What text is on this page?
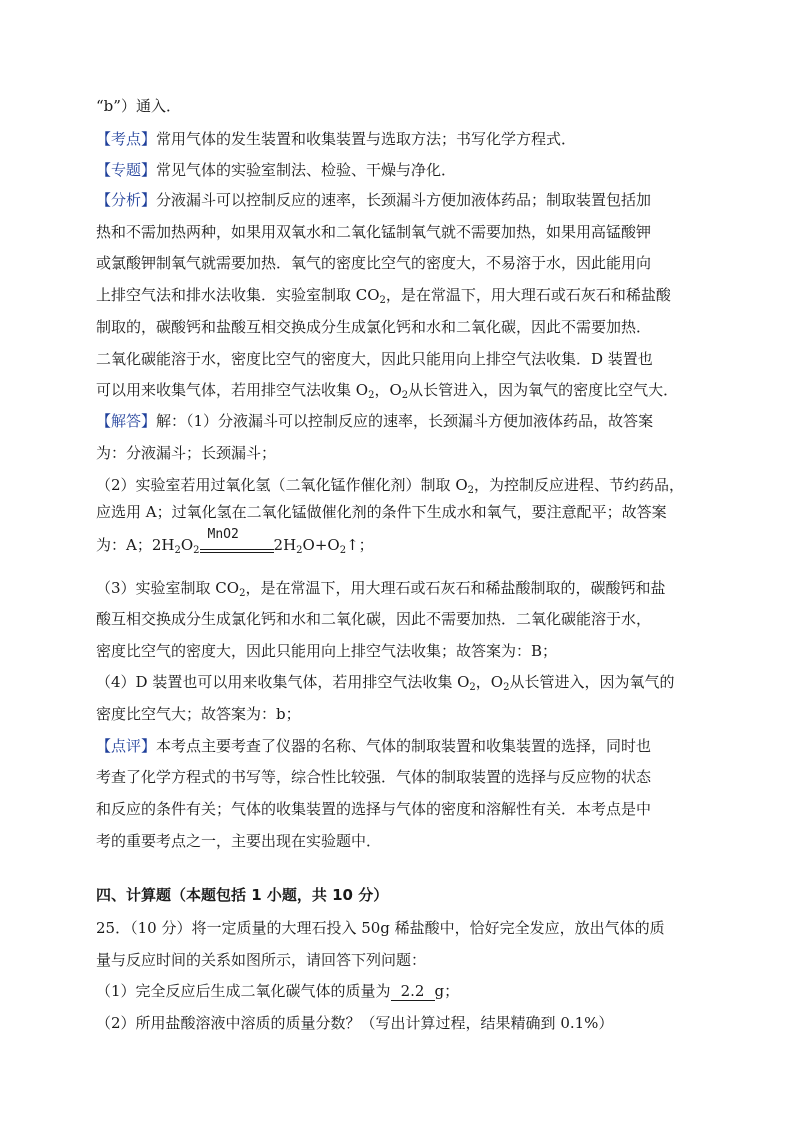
“b”）通入．
【考点】常用气体的发生装置和收集装置与选取方法；书写化学方程式．
【专题】常见气体的实验室制法、检验、干燥与净化．
【分析】分液漏斗可以控制反应的速率，长颈漏斗方便加液体药品；制取装置包括加
热和不需加热两种，如果用双氧水和二氧化锰制氧气就不需要加热，如果用高锰酸钾
或氯酸钾制氧气就需要加热．氧气的密度比空气的密度大，不易溶于水，因此能用向
上排空气法和排水法收集．实验室制取 $CO_2$，是在常温下，用大理石或石灰石和稀盐酸
制取的，碳酸钙和盐酸互相交换成分生成氯化钙和水和二氧化碳，因此不需要加热．
二氧化碳能溶于水，密度比空气的密度大，因此只能用向上排空气法收集．D 装置也
可以用来收集气体，若用排空气法收集 $O_2$，$O_2$从长管进入，因为氧气的密度比空气大．
【解答】解：（1）分液漏斗可以控制反应的速率，长颈漏斗方便加液体药品，故答案
为：分液漏斗；长颈漏斗；
（2）实验室若用过氧化氢（二氧化锰作催化剂）制取 $O_2$，为控制反应进程、节约药品，
应选用 A；过氧化氢在二氧化锰做催化剂的条件下生成水和氧气，要注意配平；故答案
为：A；$2H_2O_2$
MnO2
$2H_2O+O_2↑$；
（3）实验室制取 $CO_2$，是在常温下，用大理石或石灰石和稀盐酸制取的，碳酸钙和盐
酸互相交换成分生成氯化钙和水和二氧化碳，因此不需要加热．二氧化碳能溶于水，
密度比空气的密度大，因此只能用向上排空气法收集；故答案为：B；
（4）D 装置也可以用来收集气体，若用排空气法收集 $O_2$，$O_2$从长管进入，因为氧气的
密度比空气大；故答案为：b；
【点评】本考点主要考查了仪器的名称、气体的制取装置和收集装置的选择，同时也
考查了化学方程式的书写等，综合性比较强．气体的制取装置的选择与反应物的状态
和反应的条件有关；气体的收集装置的选择与气体的密度和溶解性有关．本考点是中
考的重要考点之一，主要出现在实验题中．
四、计算题（本题包括 1 小题，共 10 分）
25．（10 分）将一定质量的大理石投入 50g 稀盐酸中，恰好完全发应，放出气体的质
量与反应时间的关系如图所示，请回答下列问题：
（1）完全反应后生成二氧化碳气体的质量为 2.2 g；
（2）所用盐酸溶液中溶质的质量分数？（写出计算过程，结果精确到 0.1%）
